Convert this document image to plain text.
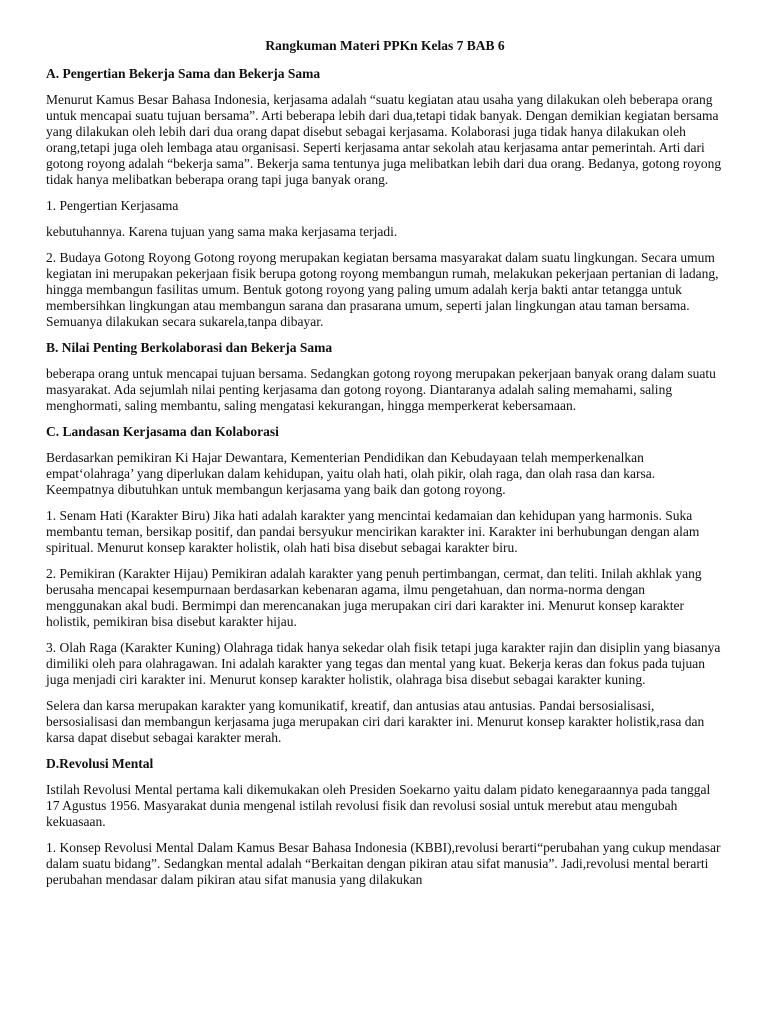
Rangkuman Materi PPKn Kelas 7 BAB 6
A. Pengertian Bekerja Sama dan Bekerja Sama

Menurut Kamus Besar Bahasa Indonesia, kerjasama adalah “suatu kegiatan atau usaha yang dilakukan oleh beberapa orang untuk mencapai suatu tujuan bersama”. Arti beberapa lebih dari dua,tetapi tidak banyak. Dengan demikian kegiatan bersama yang dilakukan oleh lebih dari dua orang dapat disebut sebagai kerjasama. Kolaborasi juga tidak hanya dilakukan oleh orang,tetapi juga oleh lembaga atau organisasi. Seperti kerjasama antar sekolah atau kerjasama antar pemerintah. Arti dari gotong royong adalah “bekerja sama”. Bekerja sama tentunya juga melibatkan lebih dari dua orang. Bedanya, gotong royong tidak hanya melibatkan beberapa orang tapi juga banyak orang.

1. Pengertian Kerjasama

kebutuhannya. Karena tujuan yang sama maka kerjasama terjadi.

2. Budaya Gotong Royong Gotong royong merupakan kegiatan bersama masyarakat dalam suatu lingkungan. Secara umum kegiatan ini merupakan pekerjaan fisik berupa gotong royong membangun rumah, melakukan pekerjaan pertanian di ladang, hingga membangun fasilitas umum. Bentuk gotong royong yang paling umum adalah kerja bakti antar tetangga untuk membersihkan lingkungan atau membangun sarana dan prasarana umum, seperti jalan lingkungan atau taman bersama. Semuanya dilakukan secara sukarela,tanpa dibayar.

B. Nilai Penting Berkolaborasi dan Bekerja Sama

beberapa orang untuk mencapai tujuan bersama. Sedangkan gotong royong merupakan pekerjaan banyak orang dalam suatu masyarakat. Ada sejumlah nilai penting kerjasama dan gotong royong. Diantaranya adalah saling memahami, saling menghormati, saling membantu, saling mengatasi kekurangan, hingga memperkerat kebersamaan.

C. Landasan Kerjasama dan Kolaborasi

Berdasarkan pemikiran Ki Hajar Dewantara, Kementerian Pendidikan dan Kebudayaan telah memperkenalkan empat‘olahraga’ yang diperlukan dalam kehidupan, yaitu olah hati, olah pikir, olah raga, dan olah rasa dan karsa. Keempatnya dibutuhkan untuk membangun kerjasama yang baik dan gotong royong.

1. Senam Hati (Karakter Biru) Jika hati adalah karakter yang mencintai kedamaian dan kehidupan yang harmonis. Suka membantu teman, bersikap positif, dan pandai bersyukur mencirikan karakter ini. Karakter ini berhubungan dengan alam spiritual. Menurut konsep karakter holistik, olah hati bisa disebut sebagai karakter biru.

2. Pemikiran (Karakter Hijau) Pemikiran adalah karakter yang penuh pertimbangan, cermat, dan teliti. Inilah akhlak yang berusaha mencapai kesempurnaan berdasarkan kebenaran agama, ilmu pengetahuan, dan norma-norma dengan menggunakan akal budi. Bermimpi dan merencanakan juga merupakan ciri dari karakter ini. Menurut konsep karakter holistik, pemikiran bisa disebut karakter hijau.

3. Olah Raga (Karakter Kuning) Olahraga tidak hanya sekedar olah fisik tetapi juga karakter rajin dan disiplin yang biasanya dimiliki oleh para olahragawan. Ini adalah karakter yang tegas dan mental yang kuat. Bekerja keras dan fokus pada tujuan juga menjadi ciri karakter ini. Menurut konsep karakter holistik, olahraga bisa disebut sebagai karakter kuning.

Selera dan karsa merupakan karakter yang komunikatif, kreatif, dan antusias atau antusias. Pandai bersosialisasi, bersosialisasi dan membangun kerjasama juga merupakan ciri dari karakter ini. Menurut konsep karakter holistik,rasa dan karsa dapat disebut sebagai karakter merah.

D.Revolusi Mental

Istilah Revolusi Mental pertama kali dikemukakan oleh Presiden Soekarno yaitu dalam pidato kenegaraannya pada tanggal 17 Agustus 1956. Masyarakat dunia mengenal istilah revolusi fisik dan revolusi sosial untuk merebut atau mengubah kekuasaan.

1. Konsep Revolusi Mental Dalam Kamus Besar Bahasa Indonesia (KBBI),revolusi berarti“perubahan yang cukup mendasar dalam suatu bidang”. Sedangkan mental adalah “Berkaitan dengan pikiran atau sifat manusia”. Jadi,revolusi mental berarti perubahan mendasar dalam pikiran atau sifat manusia yang dilakukan
